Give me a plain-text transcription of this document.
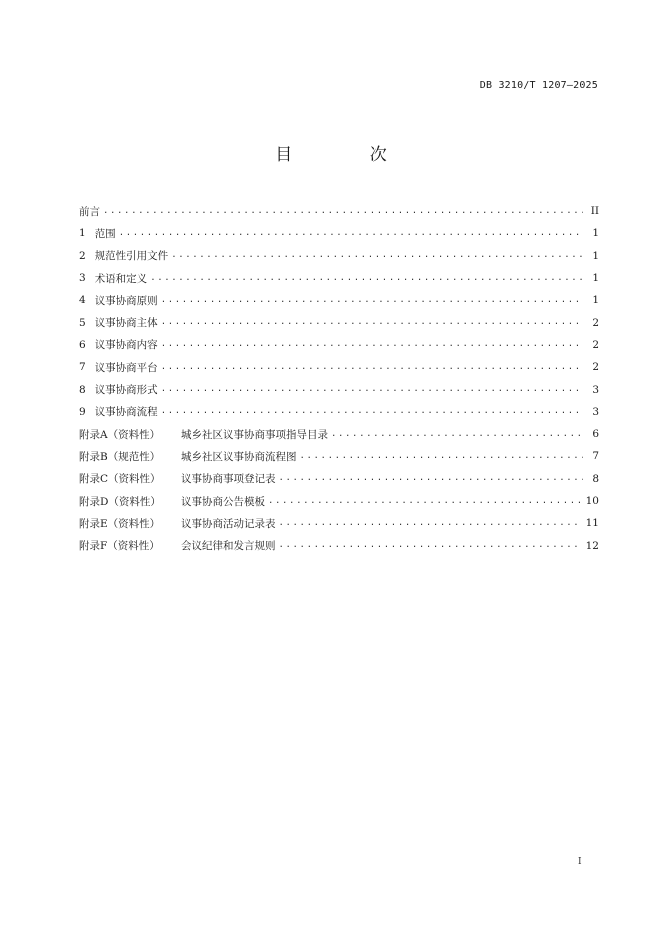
DB 3210/T 1207—2025
目 次
前言 .....	II
1 范围 .....	1
2 规范性引用文件 .....	1
3 术语和定义 .....	1
4 议事协商原则 .....	1
5 议事协商主体 .....	2
6 议事协商内容 .....	2
7 议事协商平台 .....	2
8 议事协商形式 .....	3
9 议事协商流程 .....	3
附录A（资料性）	城乡社区议事协商事项指导目录 .....	6
附录B（规范性）	城乡社区议事协商流程图 .....	7
附录C（资料性）	议事协商事项登记表 .....	8
附录D（资料性）	议事协商公告模板 .....	10
附录E（资料性）	议事协商活动记录表 .....	11
附录F（资料性）	会议纪律和发言规则 .....	12
I
